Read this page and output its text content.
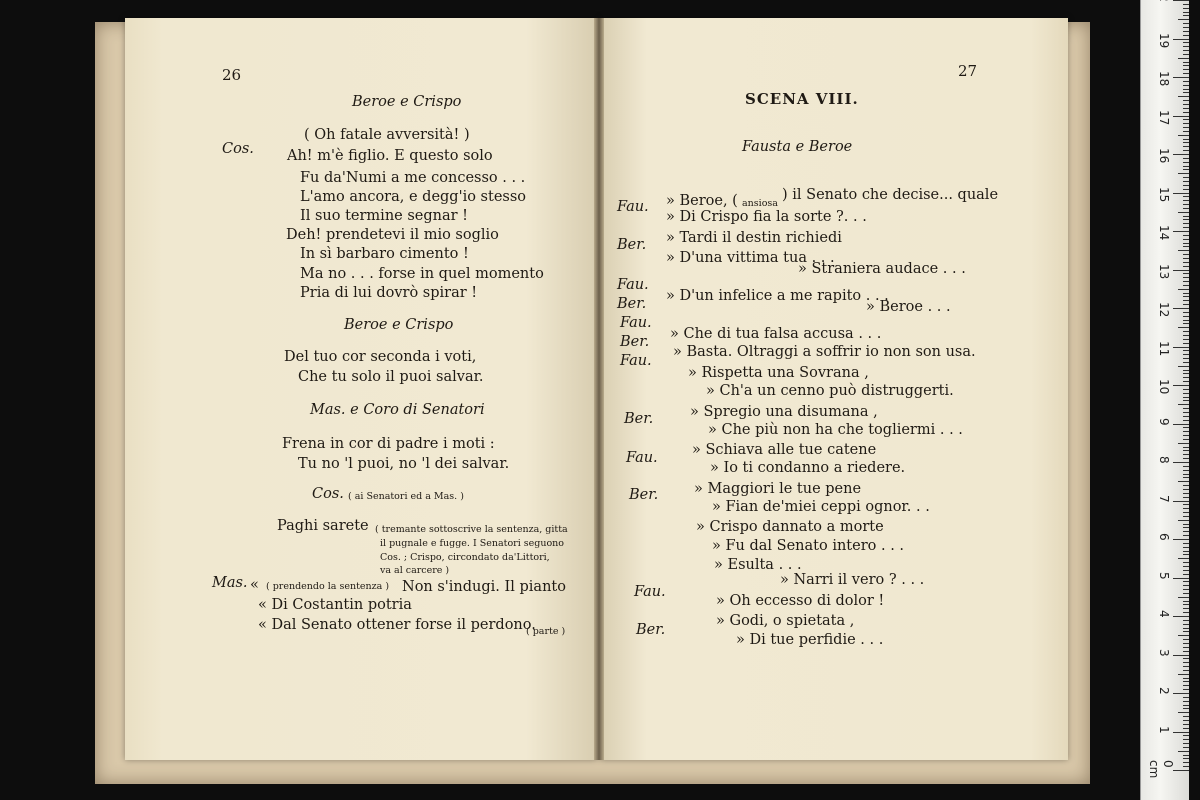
26	27
Beroe e Crispo
( Oh fatale avversità! )
Cos. Ah! m'è figlio. E questo solo
Fu da'Numi a me concesso . . .
L'amo ancora, e degg'io stesso
Il suo termine segnar !
Deh! prendetevi il mio soglio
In sì barbaro cimento !
Ma no . . . forse in quel momento
Pria di lui dovrò spirar !
Beroe e Crispo
Del tuo cor seconda i voti,
Che tu solo il puoi salvar.
Mas. e Coro di Senatori
Frena in cor di padre i moti :
Tu no 'l puoi, no 'l dei salvar.
Cos. ( ai Senatori ed a Mas. )
Paghi sarete ( tremante sottoscrive la sentenza, gitta
il pugnale e fugge. I Senatori seguono
Cos. ; Crispo, circondato da'Littori,
va al carcere )
Mas. « ( prendendo la sentenza ) Non s'indugi. Il pianto
« Di Costantin potria
« Dal Senato ottener forse il perdono.
( parte )
SCENA VIII.
Fausta e Beroe
Fau. » Beroe, ( ansiosa
) il Senato che decise... quale
» Di Crispo fia la sorte ?. . .
Ber. » Tardi il destin richiedi
» D'una vittima tua . . .
» Straniera audace . . .
Fau.
Ber. » D'un infelice a me rapito . . .
» Beroe . . .
Fau.
Ber. » Che di tua falsa accusa . . .
Fau.
» Basta. Oltraggi a soffrir io non son usa.
» Rispetta una Sovrana ,
» Ch'a un cenno può distruggerti.
Ber.	» Spregio una disumana ,
» Che più non ha che togliermi . . .
Fau. » Schiava alle tue catene
» Io ti condanno a riedere.
Ber. » Maggiori le tue pene
» Fian de'miei ceppi ognor. . .
» Crispo dannato a morte
» Fu dal Senato intero . . .
» Esulta . . .
» Narri il vero ? . . .
Fau.
» Oh eccesso di dolor !
Ber.
» Godi, o spietata ,
» Di tue perfidie . . .
0 cm
1
2
3
4
5
6
7
8
9
10
11
12
13
14
15
16
17
18
19
